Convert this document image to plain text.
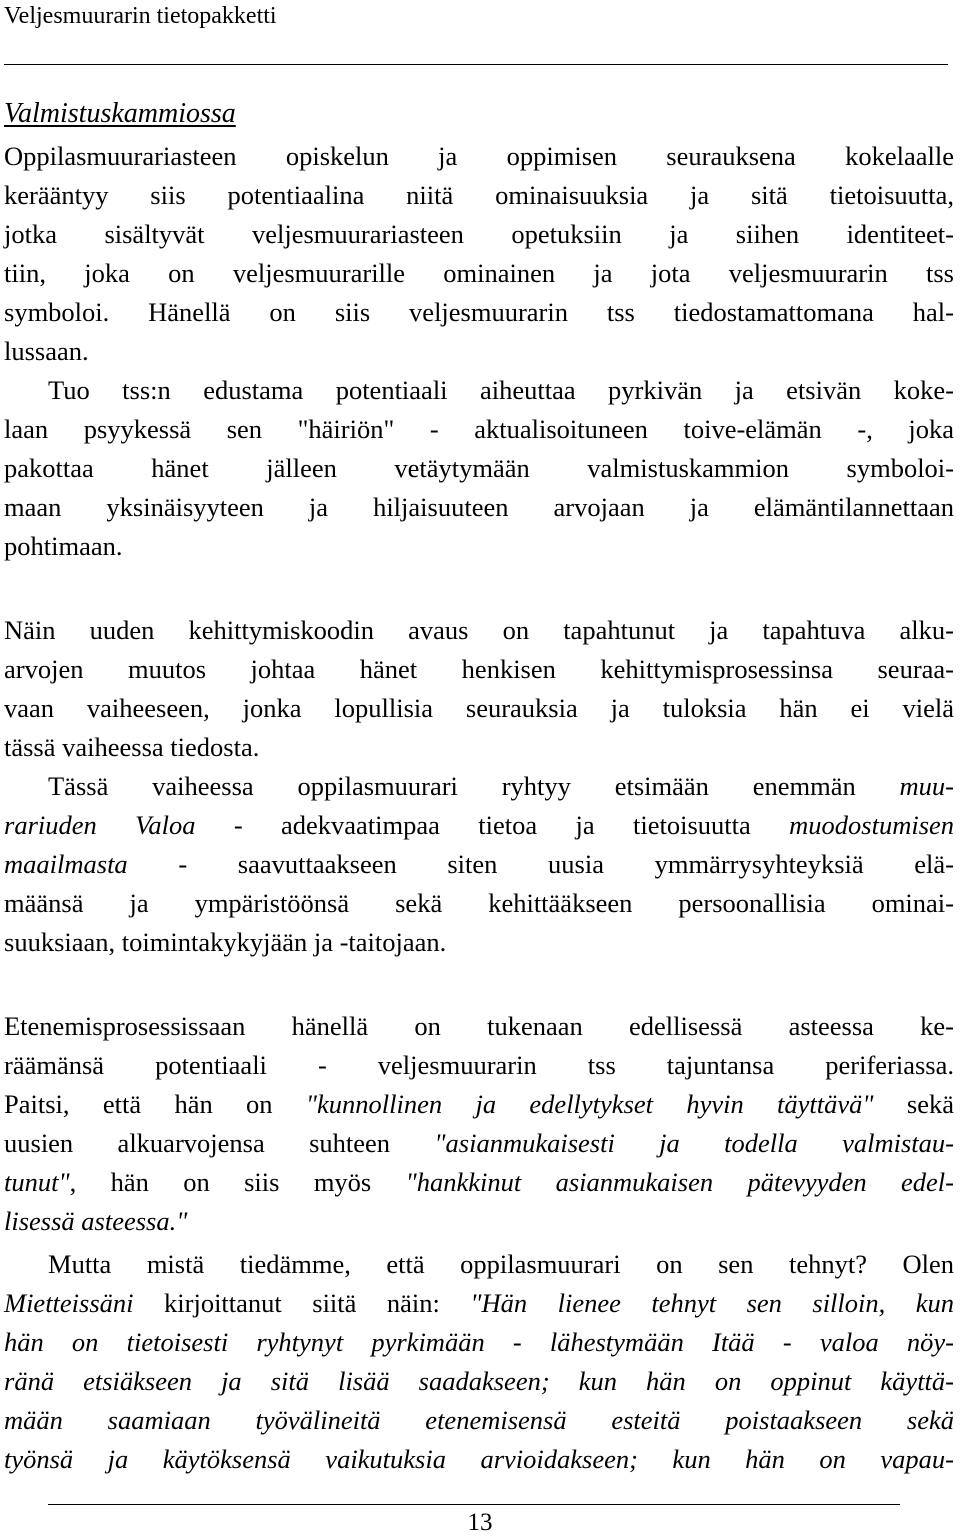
Veljesmuurarin tietopakketti
Valmistuskammiossa
Oppilasmuurariasteen opiskelun ja oppimisen seurauksena kokelaalle
kerääntyy siis potentiaalina niitä ominaisuuksia ja sitä tietoisuutta,
jotka sisältyvät veljesmuurariasteen opetuksiin ja siihen identiteet-
tiin, joka on veljesmuurarille ominainen ja jota veljesmuurarin tss
symboloi. Hänellä on siis veljesmuurarin tss tiedostamattomana hal-
lussaan.
Tuo tss:n edustama potentiaali aiheuttaa pyrkivän ja etsivän koke-
laan psyykessä sen "häiriön" - aktualisoituneen toive-elämän -, joka
pakottaa hänet jälleen vetäytymään valmistuskammion symboloi-
maan yksinäisyyteen ja hiljaisuuteen arvojaan ja elämäntilannettaan
pohtimaan.
Näin uuden kehittymiskoodin avaus on tapahtunut ja tapahtuva alku-
arvojen muutos johtaa hänet henkisen kehittymisprosessinsa seuraa-
vaan vaiheeseen, jonka lopullisia seurauksia ja tuloksia hän ei vielä
tässä vaiheessa tiedosta.
Tässä vaiheessa oppilasmuurari ryhtyy etsimään enemmän muu-
rariuden Valoa - adekvaatimpaa tietoa ja tietoisuutta muodostumisen
maailmasta - saavuttaakseen siten uusia ymmärrysyhteyksiä elä-
määnsä ja ympäristöönsä sekä kehittääkseen persoonallisia ominai-
suuksiaan, toimintakykyjään ja -taitojaan.
Etenemisprosessissaan hänellä on tukenaan edellisessä asteessa ke-
räämänsä potentiaali - veljesmuurarin tss tajuntansa periferiassa.
Paitsi, että hän on "kunnollinen ja edellytykset hyvin täyttävä" sekä
uusien alkuarvojensa suhteen "asianmukaisesti ja todella valmistau-
tunut", hän on siis myös "hankkinut asianmukaisen pätevyyden edel-
lisessä asteessa."
Mutta mistä tiedämme, että oppilasmuurari on sen tehnyt? Olen
Mietteissäni kirjoittanut siitä näin: "Hän lienee tehnyt sen silloin, kun
hän on tietoisesti ryhtynyt pyrkimään - lähestymään Itää - valoa nöy-
ränä etsiäkseen ja sitä lisää saadakseen; kun hän on oppinut käyttä-
mään saamiaan työvälineitä etenemisensä esteitä poistaakseen sekä
työnsä ja käytöksensä vaikutuksia arvioidakseen; kun hän on vapau-
13
